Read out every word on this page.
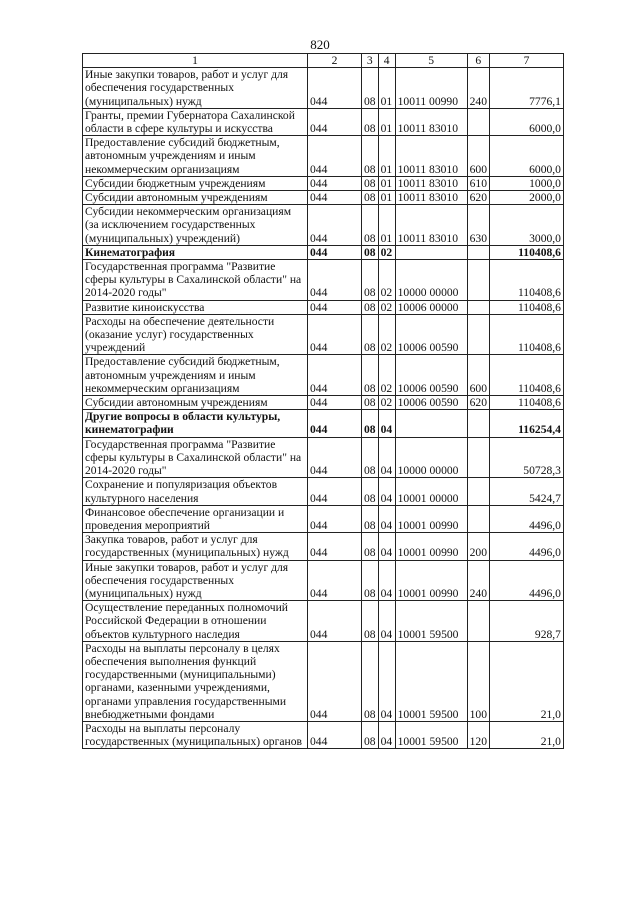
820
1	2	3	4	5	6	7
Иные закупки товаров, работ и услуг для обеспечения государственных (муниципальных) нужд	044	08	01	10011 00990	240	7776,1
Гранты, премии Губернатора Сахалинской области в сфере культуры и искусства	044	08	01	10011 83010		6000,0
Предоставление субсидий бюджетным, автономным учреждениям и иным некоммерческим организациям	044	08	01	10011 83010	600	6000,0
Субсидии бюджетным учреждениям	044	08	01	10011 83010	610	1000,0
Субсидии автономным учреждениям	044	08	01	10011 83010	620	2000,0
Субсидии некоммерческим организациям (за исключением государственных (муниципальных) учреждений)	044	08	01	10011 83010	630	3000,0
Кинематография	044	08	02			110408,6
Государственная программа "Развитие сферы культуры в Сахалинской области" на 2014-2020 годы"	044	08	02	10000 00000		110408,6
Развитие киноискусства	044	08	02	10006 00000		110408,6
Расходы на обеспечение деятельности (оказание услуг) государственных учреждений	044	08	02	10006 00590		110408,6
Предоставление субсидий бюджетным, автономным учреждениям и иным некоммерческим организациям	044	08	02	10006 00590	600	110408,6
Субсидии автономным учреждениям	044	08	02	10006 00590	620	110408,6
Другие вопросы в области культуры, кинематографии	044	08	04			116254,4
Государственная программа "Развитие сферы культуры в Сахалинской области" на 2014-2020 годы"	044	08	04	10000 00000		50728,3
Сохранение и популяризация объектов культурного населения	044	08	04	10001 00000		5424,7
Финансовое обеспечение организации и проведения мероприятий	044	08	04	10001 00990		4496,0
Закупка товаров, работ и услуг для государственных (муниципальных) нужд	044	08	04	10001 00990	200	4496,0
Иные закупки товаров, работ и услуг для обеспечения государственных (муниципальных) нужд	044	08	04	10001 00990	240	4496,0
Осуществление переданных полномочий Российской Федерации в отношении объектов культурного наследия	044	08	04	10001 59500		928,7
Расходы на выплаты персоналу в целях обеспечения выполнения функций государственными (муниципальными) органами, казенными учреждениями, органами управления государственными внебюджетными фондами	044	08	04	10001 59500	100	21,0
Расходы на выплаты персоналу государственных (муниципальных) органов	044	08	04	10001 59500	120	21,0
